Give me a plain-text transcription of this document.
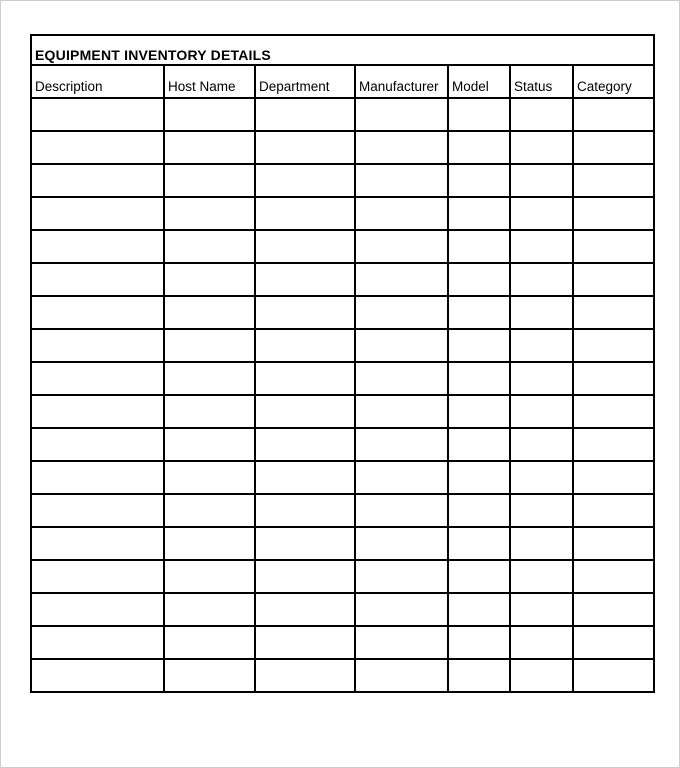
EQUIPMENT INVENTORY DETAILS						
Description	Host Name	Department	Manufacturer	Model	Status	Category
